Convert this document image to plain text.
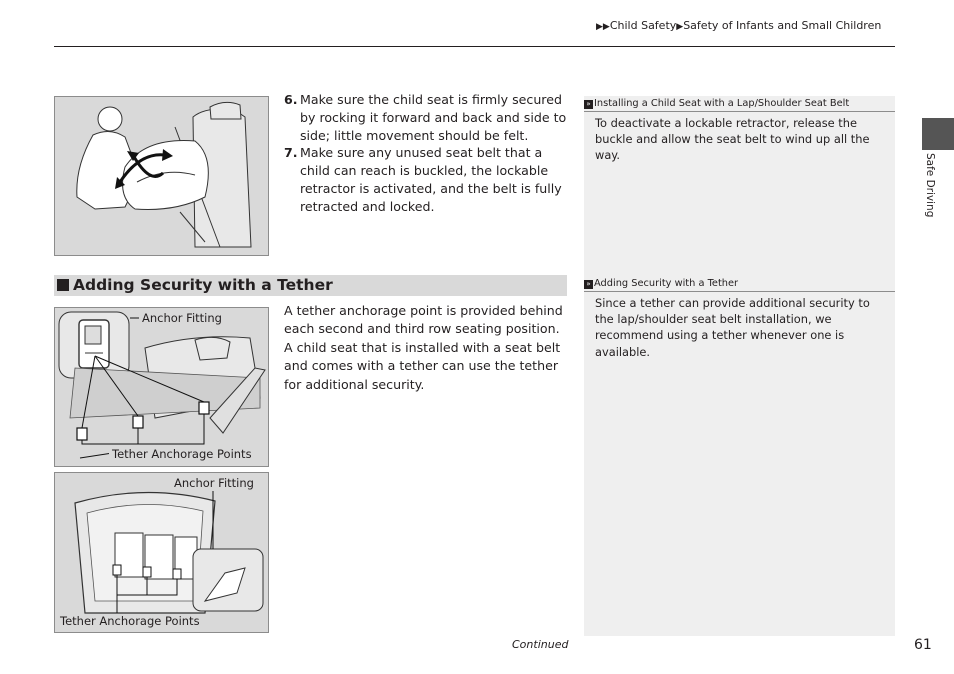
▶▶Child Safety▶Safety of Infants and Small Children

6. Make sure the child seat is firmly secured by rocking it forward and back and side to side; little movement should be felt.

7. Make sure any unused seat belt that a child can reach is buckled, the lockable retractor is activated, and the belt is fully retracted and locked.

Adding Security with a Tether
Anchor Fitting
Tether Anchorage Points

A tether anchorage point is provided behind each second and third row seating position. A child seat that is installed with a seat belt and comes with a tether can use the tether for additional security.

Anchor Fitting
Tether Anchorage Points
» Installing a Child Seat with a Lap/Shoulder Seat Belt

To deactivate a lockable retractor, release the buckle and allow the seat belt to wind up all the way.

» Adding Security with a Tether

Since a tether can provide additional security to the lap/shoulder seat belt installation, we recommend using a tether whenever one is available.

Safe Driving
Continued	61
